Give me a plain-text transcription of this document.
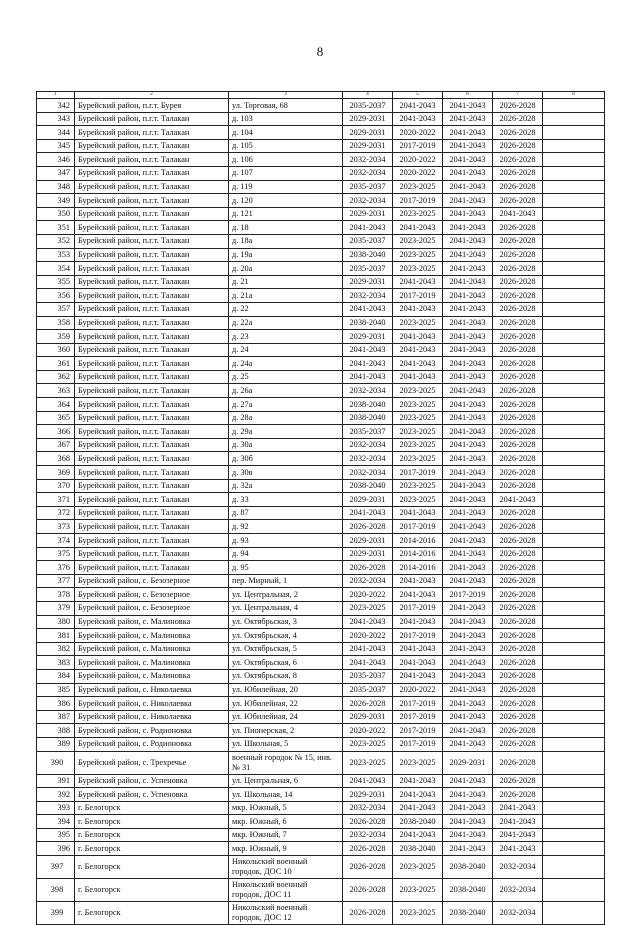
8
1	2	3	4	5	6	7	8
342	Бурейский район, п.г.т. Бурея	ул. Торговая, 68	2035-2037	2041-2043	2041-2043	2026-2028	
343	Бурейский район, п.г.т. Талакан	д. 103	2029-2031	2041-2043	2041-2043	2026-2028	
344	Бурейский район, п.г.т. Талакан	д. 104	2029-2031	2020-2022	2041-2043	2026-2028	
345	Бурейский район, п.г.т. Талакан	д. 105	2029-2031	2017-2019	2041-2043	2026-2028	
346	Бурейский район, п.г.т. Талакан	д. 106	2032-2034	2020-2022	2041-2043	2026-2028	
347	Бурейский район, п.г.т. Талакан	д. 107	2032-2034	2020-2022	2041-2043	2026-2028	
348	Бурейский район, п.г.т. Талакан	д. 119	2035-2037	2023-2025	2041-2043	2026-2028	
349	Бурейский район, п.г.т. Талакан	д. 120	2032-2034	2017-2019	2041-2043	2026-2028	
350	Бурейский район, п.г.т. Талакан	д. 121	2029-2031	2023-2025	2041-2043	2041-2043	
351	Бурейский район, п.г.т. Талакан	д. 18	2041-2043	2041-2043	2041-2043	2026-2028	
352	Бурейский район, п.г.т. Талакан	д. 18а	2035-2037	2023-2025	2041-2043	2026-2028	
353	Бурейский район, п.г.т. Талакан	д. 19а	2038-2040	2023-2025	2041-2043	2026-2028	
354	Бурейский район, п.г.т. Талакан	д. 20а	2035-2037	2023-2025	2041-2043	2026-2028	
355	Бурейский район, п.г.т. Талакан	д. 21	2029-2031	2041-2043	2041-2043	2026-2028	
356	Бурейский район, п.г.т. Талакан	д. 21а	2032-2034	2017-2019	2041-2043	2026-2028	
357	Бурейский район, п.г.т. Талакан	д. 22	2041-2043	2041-2043	2041-2043	2026-2028	
358	Бурейский район, п.г.т. Талакан	д. 22а	2038-2040	2023-2025	2041-2043	2026-2028	
359	Бурейский район, п.г.т. Талакан	д. 23	2029-2031	2041-2043	2041-2043	2026-2028	
360	Бурейский район, п.г.т. Талакан	д. 24	2041-2043	2041-2043	2041-2043	2026-2028	
361	Бурейский район, п.г.т. Талакан	д. 24а	2041-2043	2041-2043	2041-2043	2026-2028	
362	Бурейский район, п.г.т. Талакан	д. 25	2041-2043	2041-2043	2041-2043	2026-2028	
363	Бурейский район, п.г.т. Талакан	д. 26а	2032-2034	2023-2025	2041-2043	2026-2028	
364	Бурейский район, п.г.т. Талакан	д. 27а	2038-2040	2023-2025	2041-2043	2026-2028	
365	Бурейский район, п.г.т. Талакан	д. 28а	2038-2040	2023-2025	2041-2043	2026-2028	
366	Бурейский район, п.г.т. Талакан	д. 29а	2035-2037	2023-2025	2041-2043	2026-2028	
367	Бурейский район, п.г.т. Талакан	д. 30а	2032-2034	2023-2025	2041-2043	2026-2028	
368	Бурейский район, п.г.т. Талакан	д. 30б	2032-2034	2023-2025	2041-2043	2026-2028	
369	Бурейский район, п.г.т. Талакан	д. 30в	2032-2034	2017-2019	2041-2043	2026-2028	
370	Бурейский район, п.г.т. Талакан	д. 32а	2038-2040	2023-2025	2041-2043	2026-2028	
371	Бурейский район, п.г.т. Талакан	д. 33	2029-2031	2023-2025	2041-2043	2041-2043	
372	Бурейский район, п.г.т. Талакан	д. 87	2041-2043	2041-2043	2041-2043	2026-2028	
373	Бурейский район, п.г.т. Талакан	д. 92	2026-2028	2017-2019	2041-2043	2026-2028	
374	Бурейский район, п.г.т. Талакан	д. 93	2029-2031	2014-2016	2041-2043	2026-2028	
375	Бурейский район, п.г.т. Талакан	д. 94	2029-2031	2014-2016	2041-2043	2026-2028	
376	Бурейский район, п.г.т. Талакан	д. 95	2026-2028	2014-2016	2041-2043	2026-2028	
377	Бурейский район, с. Безозерное	пер. Мирный, 1	2032-2034	2041-2043	2041-2043	2026-2028	
378	Бурейский район, с. Безозерное	ул. Центральная, 2	2020-2022	2041-2043	2017-2019	2026-2028	
379	Бурейский район, с. Безозерное	ул. Центральная, 4	2023-2025	2017-2019	2041-2043	2026-2028	
380	Бурейский район, с. Малиновка	ул. Октябрьская, 3	2041-2043	2041-2043	2041-2043	2026-2028	
381	Бурейский район, с. Малиновка	ул. Октябрьская, 4	2020-2022	2017-2019	2041-2043	2026-2028	
382	Бурейский район, с. Малиновка	ул. Октябрьская, 5	2041-2043	2041-2043	2041-2043	2026-2028	
383	Бурейский район, с. Малиновка	ул. Октябрьская, 6	2041-2043	2041-2043	2041-2043	2026-2028	
384	Бурейский район, с. Малиновка	ул. Октябрьская, 8	2035-2037	2041-2043	2041-2043	2026-2028	
385	Бурейский район, с. Николаевка	ул. Юбилейная, 20	2035-2037	2020-2022	2041-2043	2026-2028	
386	Бурейский район, с. Николаевка	ул. Юбилейная, 22	2026-2028	2017-2019	2041-2043	2026-2028	
387	Бурейский район, с. Николаевка	ул. Юбилейная, 24	2029-2031	2017-2019	2041-2043	2026-2028	
388	Бурейский район, с. Родионовка	ул. Пионерская, 2	2020-2022	2017-2019	2041-2043	2026-2028	
389	Бурейский район, с. Родионовка	ул. Школьная, 5	2023-2025	2017-2019	2041-2043	2026-2028	
390	Бурейский район, с. Трехречье	военный городок № 15, инв. № 31	2023-2025	2023-2025	2029-2031	2026-2028	
391	Бурейский район, с. Успеновка	ул. Центральная, 6	2041-2043	2041-2043	2041-2043	2026-2028	
392	Бурейский район, с. Успеновка	ул. Школьная, 14	2029-2031	2041-2043	2041-2043	2026-2028	
393	г. Белогорск	мкр. Южный, 5	2032-2034	2041-2043	2041-2043	2041-2043	
394	г. Белогорск	мкр. Южный, 6	2026-2028	2038-2040	2041-2043	2041-2043	
395	г. Белогорск	мкр. Южный, 7	2032-2034	2041-2043	2041-2043	2041-2043	
396	г. Белогорск	мкр. Южный, 9	2026-2028	2038-2040	2041-2043	2041-2043	
397	г. Белогорск	Никольский военный городок, ДОС 10	2026-2028	2023-2025	2038-2040	2032-2034	
398	г. Белогорск	Никольский военный городок, ДОС 11	2026-2028	2023-2025	2038-2040	2032-2034	
399	г. Белогорск	Никольский военный городок, ДОС 12	2026-2028	2023-2025	2038-2040	2032-2034	
